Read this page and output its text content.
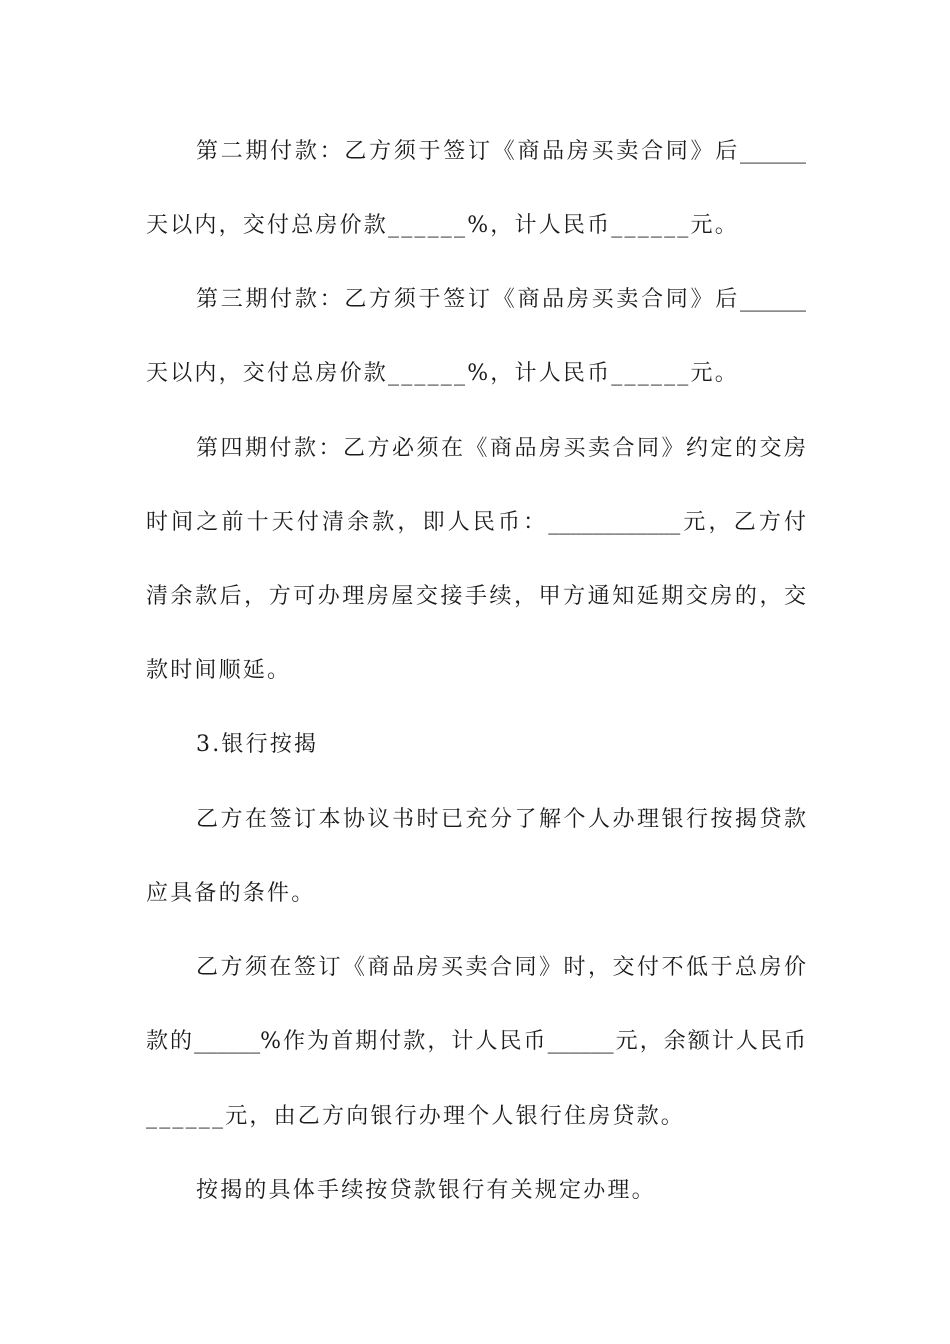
第二期付款：乙方须于签订《商品房买卖合同》后______
天以内，交付总房价款______%，计人民币______元。
第三期付款：乙方须于签订《商品房买卖合同》后______
天以内，交付总房价款______%，计人民币______元。
第四期付款：乙方必须在《商品房买卖合同》约定的交房
时间之前十天付清余款，即人民币：____________元，乙方付
清余款后，方可办理房屋交接手续，甲方通知延期交房的，交
款时间顺延。
3.银行按揭
乙方在签订本协议书时已充分了解个人办理银行按揭贷款
应具备的条件。
乙方须在签订《商品房买卖合同》时，交付不低于总房价
款的______%作为首期付款，计人民币______元，余额计人民币
______元，由乙方向银行办理个人银行住房贷款。
按揭的具体手续按贷款银行有关规定办理。
